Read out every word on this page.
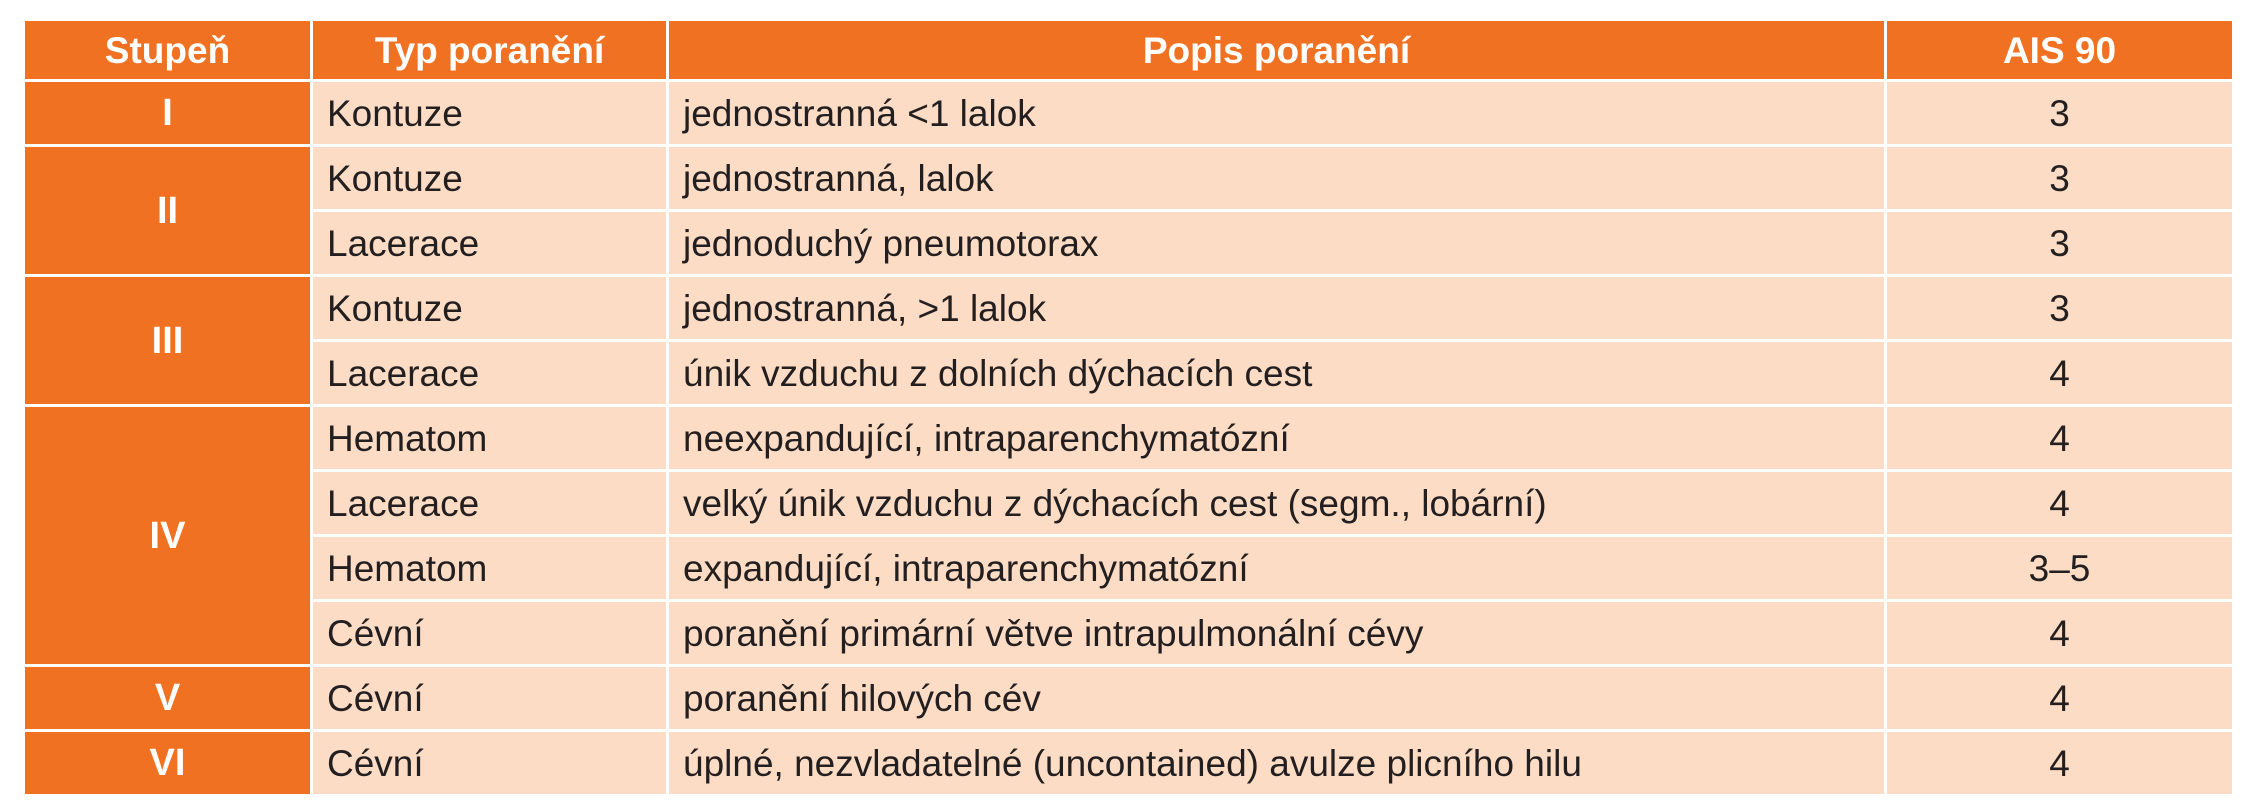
Stupeň	Typ poranění	Popis poranění	AIS 90
I	Kontuze	jednostranná <1 lalok	3
II	Kontuze	jednostranná, lalok	3
	Lacerace	jednoduchý pneumotorax	3
III	Kontuze	jednostranná, >1 lalok	3
	Lacerace	únik vzduchu z dolních dýchacích cest	4
IV	Hematom	neexpandující, intraparenchymatózní	4
	Lacerace	velký únik vzduchu z dýchacích cest (segm., lobární)	4
	Hematom	expandující, intraparenchymatózní	3–5
	Cévní	poranění primární větve intrapulmonální cévy	4
V	Cévní	poranění hilových cév	4
VI	Cévní	úplné, nezvladatelné (uncontained) avulze plicního hilu	4
